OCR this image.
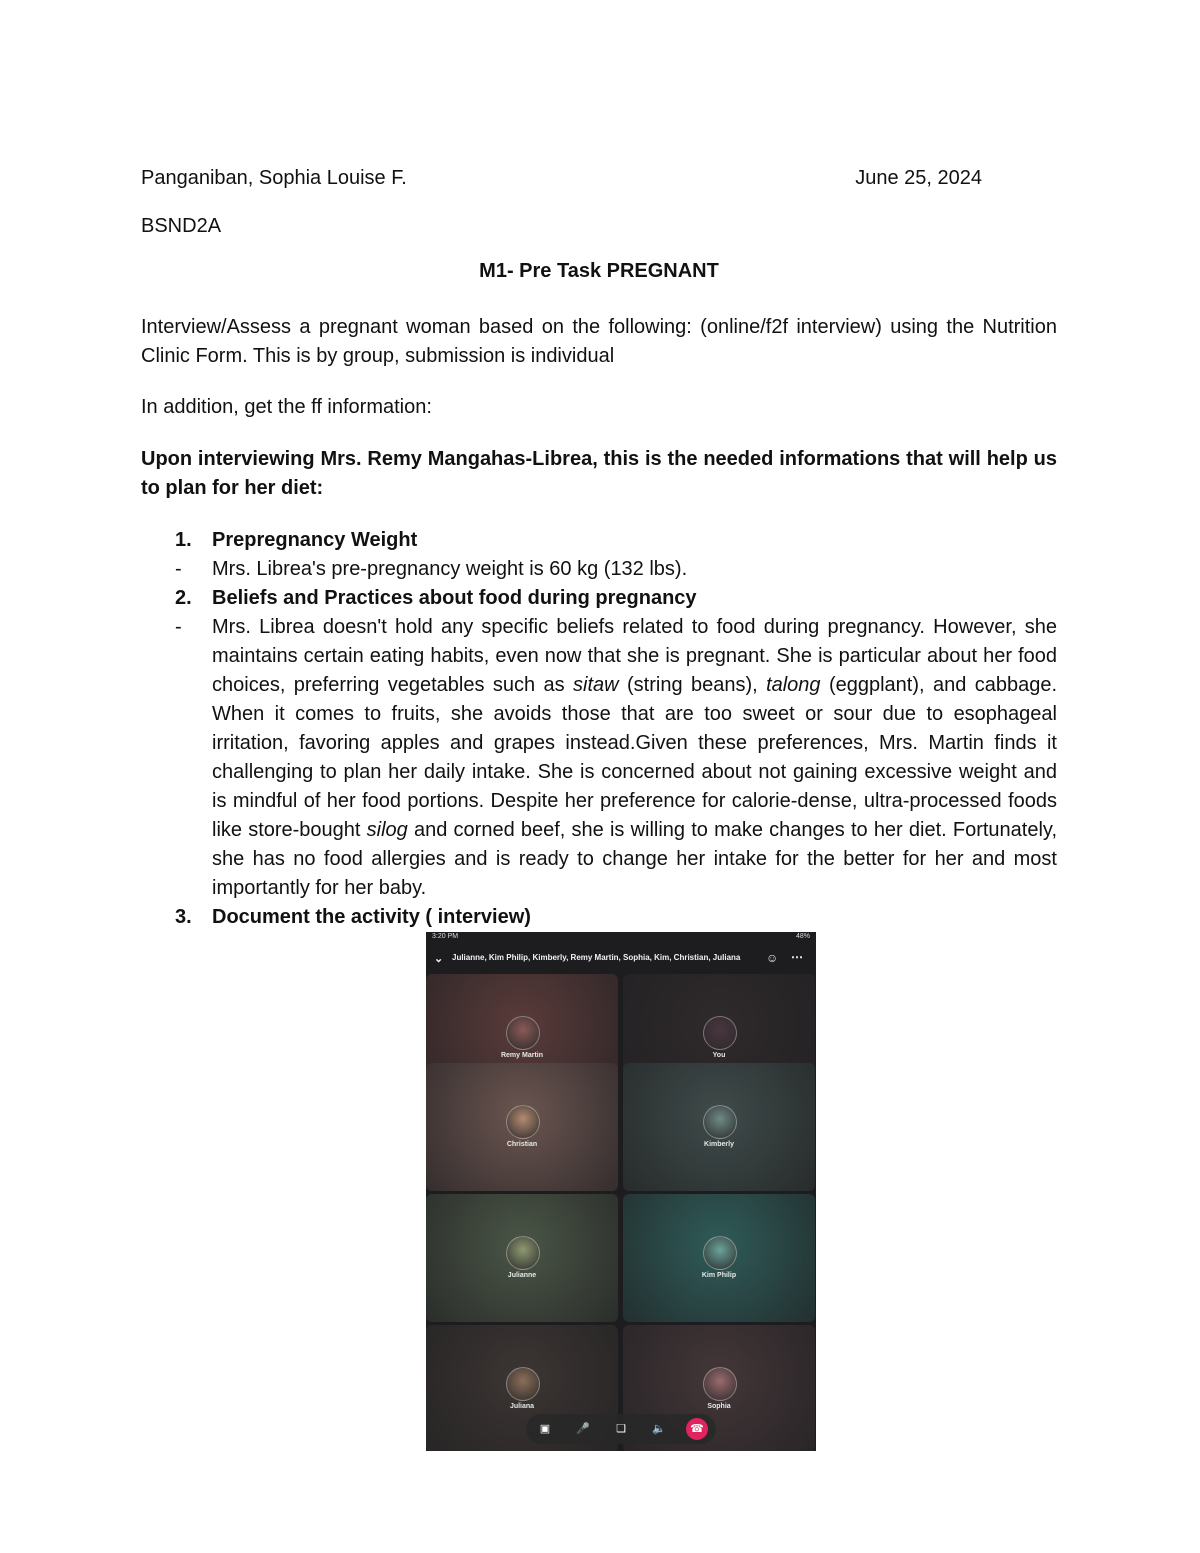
Panganiban, Sophia Louise F.	June 25, 2024
BSND2A
M1- Pre Task PREGNANT
Interview/Assess a pregnant woman based on the following: (online/f2f interview) using the Nutrition Clinic Form. This is by group, submission is individual
In addition, get the ff information:
Upon interviewing Mrs. Remy Mangahas-Librea, this is the needed informations that will help us to plan for her diet:
1. Prepregnancy Weight
- Mrs. Librea's pre-pregnancy weight is 60 kg (132 lbs).
2. Beliefs and Practices about food during pregnancy
- Mrs. Librea doesn't hold any specific beliefs related to food during pregnancy. However, she maintains certain eating habits, even now that she is pregnant. She is particular about her food choices, preferring vegetables such as sitaw (string beans), talong (eggplant), and cabbage. When it comes to fruits, she avoids those that are too sweet or sour due to esophageal irritation, favoring apples and grapes instead.Given these preferences, Mrs. Martin finds it challenging to plan her daily intake. She is concerned about not gaining excessive weight and is mindful of her food portions. Despite her preference for calorie-dense, ultra-processed foods like store-bought silog and corned beef, she is willing to make changes to her diet. Fortunately, she has no food allergies and is ready to change her intake for the better for her and most importantly for her baby.
3. Document the activity ( interview)
3:20 PM	48%
⌄ Julianne, Kim Philip, Kimberly, Remy Martin, Sophia, Kim, Christian, Juliana	☺ ⋯
Remy Martin	You
Christian	Kimberly
Julianne	Kim Philip
Juliana	Sophia
▣	🎤	❏	🔈	☎
